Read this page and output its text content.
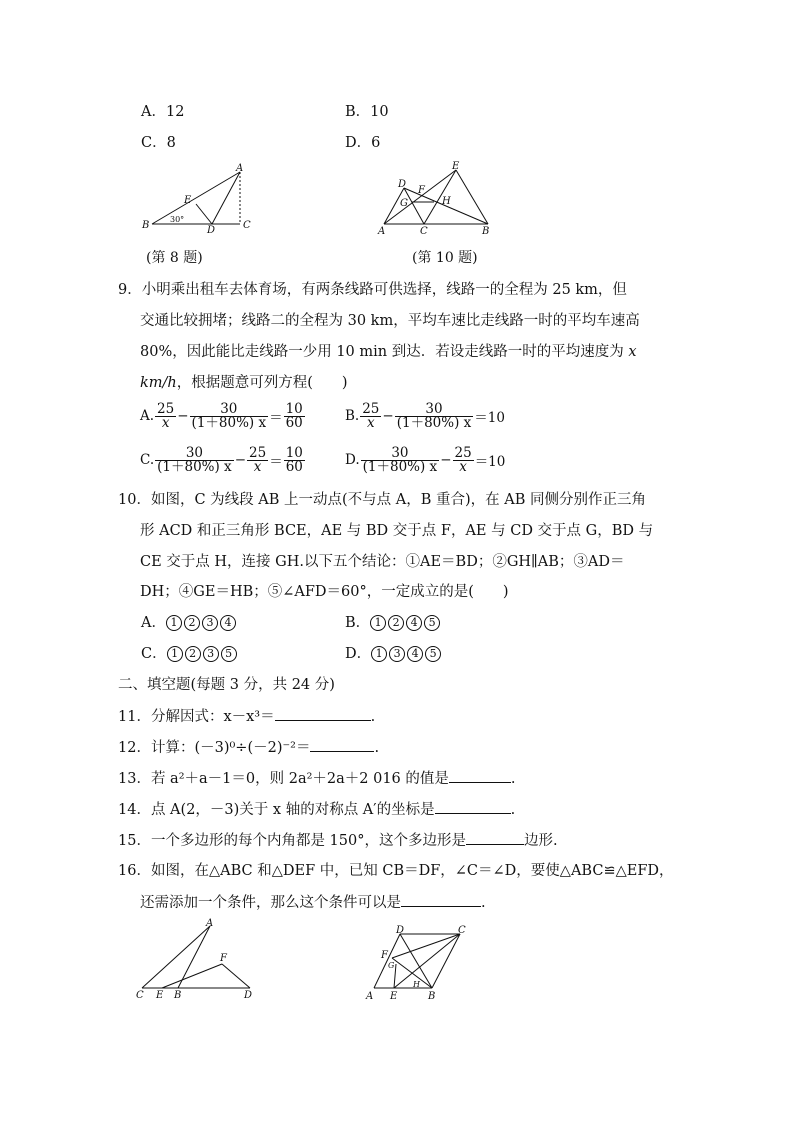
A．12	B．10
C．8	D．6
A
B	C
D
E
30°
A	B
C
D
E
F
G	H
(第 8 题)	(第 10 题)
9．小明乘出租车去体育场，有两条线路可供选择，线路一的全程为 25 km，但
交通比较拥堵；线路二的全程为 30 km，平均车速比走线路一时的平均车速高
80%，因此能比走线路一少用 10 min 到达．若设走线路一时的平均速度为 x
km/h，根据题意可列方程(　　)
A. $\frac{25}{x} - \frac{30}{(1+80\%) x} = \frac{10}{60}$	B. $\frac{25}{x} - \frac{30}{(1+80\%) x} =10$
C. $\frac{30}{(1+80\%) x} - \frac{25}{x} = \frac{10}{60}$	D. $\frac{30}{(1+80\%) x} - \frac{25}{x} =10$
10．如图，C 为线段 AB 上一动点(不与点 A，B 重合)，在 AB 同侧分别作正三角
形 ACD 和正三角形 BCE，AE 与 BD 交于点 F，AE 与 CD 交于点 G，BD 与
CE 交于点 H，连接 GH.以下五个结论：①AE＝BD；②GH∥AB；③AD＝
DH；④GE＝HB；⑤∠AFD＝60°，一定成立的是(　　)
A． 1 2 3 4	B． 1 2 4 5
C． 1 2 3 5	D． 1 3 4 5
二、填空题(每题 3 分，共 24 分)
11．分解因式：x－x³＝	.
12．计算：(－3)⁰÷(－2)⁻²＝	.
13．若 a²＋a－1＝0，则 2a²＋2a＋2 016 的值是	.
14．点 A(2，－3)关于 x 轴的对称点 A′的坐标是	.
15．一个多边形的每个内角都是 150°，这个多边形是	边形.
16．如图，在△ABC 和△DEF 中，已知 CB＝DF，∠C＝∠D，要使△ABC≌△EFD，
还需添加一个条件，那么这个条件可以是	.
A
B
C	D
E
F
A	B
C
D
E
F
G
H
